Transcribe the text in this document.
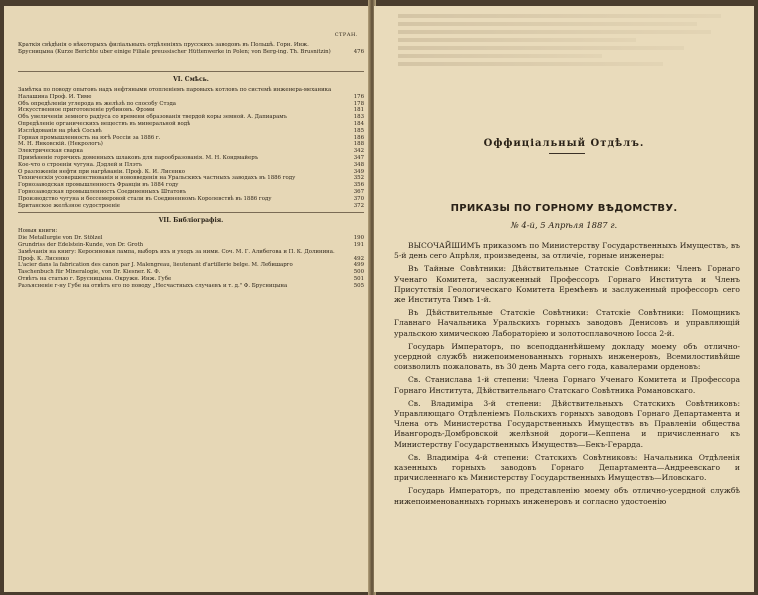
СТРАН.
Краткія свѣдѣнія о нѣкоторыхъ филіальныхъ отдѣленіяхъ прусскихъ заводовъ въ Польшѣ. Горн. Инж. Брусницына (Kurze Berichte uber einige Filiale preussischer Hüttenwerke in Polen; von Berg-ing. Th. Brusnitzin)	476
VI. Смѣсь.
Замѣтка по поводу опытовъ надъ нефтяными отопленіемъ паровыхъ котловъ по системѣ инженера-механика Налашина Проф. И. Тиме	176
Объ опредѣленіи углерода въ желѣзѣ по способу Стэда	178
Искусственное приготовленіе рубиновъ. Фрэми	181
Объ увеличеніи земного радіуса со времени образованія твердой коры земной. А. Дапиарамъ	183
Опредѣленіе органическихъ веществъ въ минеральной водѣ	184
Изслѣдованія на рѣкѣ Сосьвѣ	185
Горная промышленность на югѣ Россіи за 1886 г.	186
М. Н. Янковскій. (Некрологъ)	188
Электрическая сварка	342
Примѣненіе горячихъ доменныхъ шлаковъ для парообразованія. М. Н. Кондмайеръ	347
Кое-что о строеніи чугуна. Дэдлей и Плэтъ	348
О разложеніи нефти при нагрѣваніи. Проф. К. И. Лисенко	349
Техническія усовершенствованія и нововведенія на Уральскихъ частныхъ заводахъ въ 1886 году	352
Горнозаводская промышленность Франціи въ 1884 году	356
Горнозаводская промышленность Соединенныхъ Штатовъ	367
Производство чугуна и бессемеровой стали въ Соединенномъ Королевствѣ въ 1886 году	370
Британское желѣзное судостроеніе	372
VII. Библіографія.
Новыя книги:
Die Metallurgie von Dr. Stölzel	190
Grundriss der Edelstein-Kunde, von Dr. Groth	191
Замѣчанія на книгу: Керосиновая лампа, выборъ ихъ и уходъ за ними. Соч. М. Г. Алибегова и П. К. Долинина. Проф. К. Лисенко	492
L'acier dans la fabrication des canon par J. Malengreau, lieutenant d'artillerie belge. М. Лебишарго	499
Taschenbuch für Mineralogie, von Dr. Kiesner. К. Ф.	500
Отвѣтъ на статью г. Брусницына. Окружн. Инж. Губе	501
Разъясненіе г-ну Губе на отвѣтъ его по поводу „Несчастныхъ случаевъ и т. д." Ф. Брусницына	505
Оффиціальный Отдѣлъ.
ПРИКАЗЫ ПО ГОРНОМУ ВѢДОМСТВУ.
№ 4-й, 5 Апрѣля 1887 г.

ВЫСОЧАЙШИМЪ приказомъ по Министерству Государственныхъ Имуществъ, въ 5-й день сего Апрѣля, произведены, за отличіе, горные инженеры:

Въ Тайные Совѣтники: Дѣйствительные Статскіе Совѣтники: Членъ Горнаго Ученаго Комитета, заслуженный Профессоръ Горнаго Института и Членъ Присутствія Геологическаго Комитета Еремѣевъ и заслуженный профессоръ сего же Института Тимъ 1-й.

Въ Дѣйствительные Статскіе Совѣтники: Статскіе Совѣтники: Помощникъ Главнаго Начальника Уральскихъ горныхъ заводовъ Денисовъ и управляющій уральскою химическою Лабораторіею и золотосплавочною Іосса 2-й.

Государь Императоръ, по всеподданнѣйшему докладу моему объ отлично-усердной службѣ нижепоименованныхъ горныхъ инженеровъ, Всемилостивѣйше соизволилъ пожаловать, въ 30 день Марта сего года, кавалерами орденовъ:

Св. Станислава 1-й степени: Члена Горнаго Ученаго Комитета и Профессора Горнаго Института, Дѣйствительнаго Статскаго Совѣтника Романовскаго.

Св. Владиміра 3-й степени: Дѣйствительныхъ Статскихъ Совѣтниковъ: Управляющаго Отдѣленіемъ Польскихъ горныхъ заводовъ Горнаго Департамента и Члена отъ Министерства Государственныхъ Имуществъ въ Правленіи общества Ивангородъ-Домбровской желѣзной дороги—Кеппена и причисленнаго къ Министерству Государственныхъ Имуществъ—Бекъ-Герарда.

Св. Владиміра 4-й степени: Статскихъ Совѣтниковъ: Начальника Отдѣленія казенныхъ горныхъ заводовъ Горнаго Департамента—Андреевскаго и причисленнаго къ Министерству Государственныхъ Имуществъ—Иловскаго.

Государь Императоръ, по представленію моему объ отлично-усердной службѣ нижепоименованныхъ горныхъ инженеровъ и согласно удостоенію
